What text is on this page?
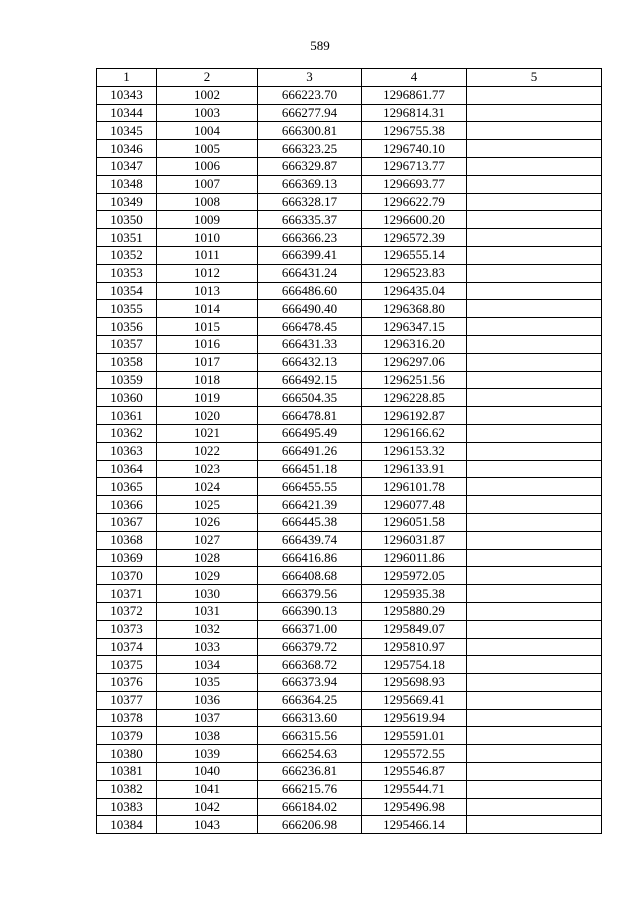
589
1	2	3	4	5
10343	1002	666223.70	1296861.77	
10344	1003	666277.94	1296814.31	
10345	1004	666300.81	1296755.38	
10346	1005	666323.25	1296740.10	
10347	1006	666329.87	1296713.77	
10348	1007	666369.13	1296693.77	
10349	1008	666328.17	1296622.79	
10350	1009	666335.37	1296600.20	
10351	1010	666366.23	1296572.39	
10352	1011	666399.41	1296555.14	
10353	1012	666431.24	1296523.83	
10354	1013	666486.60	1296435.04	
10355	1014	666490.40	1296368.80	
10356	1015	666478.45	1296347.15	
10357	1016	666431.33	1296316.20	
10358	1017	666432.13	1296297.06	
10359	1018	666492.15	1296251.56	
10360	1019	666504.35	1296228.85	
10361	1020	666478.81	1296192.87	
10362	1021	666495.49	1296166.62	
10363	1022	666491.26	1296153.32	
10364	1023	666451.18	1296133.91	
10365	1024	666455.55	1296101.78	
10366	1025	666421.39	1296077.48	
10367	1026	666445.38	1296051.58	
10368	1027	666439.74	1296031.87	
10369	1028	666416.86	1296011.86	
10370	1029	666408.68	1295972.05	
10371	1030	666379.56	1295935.38	
10372	1031	666390.13	1295880.29	
10373	1032	666371.00	1295849.07	
10374	1033	666379.72	1295810.97	
10375	1034	666368.72	1295754.18	
10376	1035	666373.94	1295698.93	
10377	1036	666364.25	1295669.41	
10378	1037	666313.60	1295619.94	
10379	1038	666315.56	1295591.01	
10380	1039	666254.63	1295572.55	
10381	1040	666236.81	1295546.87	
10382	1041	666215.76	1295544.71	
10383	1042	666184.02	1295496.98	
10384	1043	666206.98	1295466.14	
